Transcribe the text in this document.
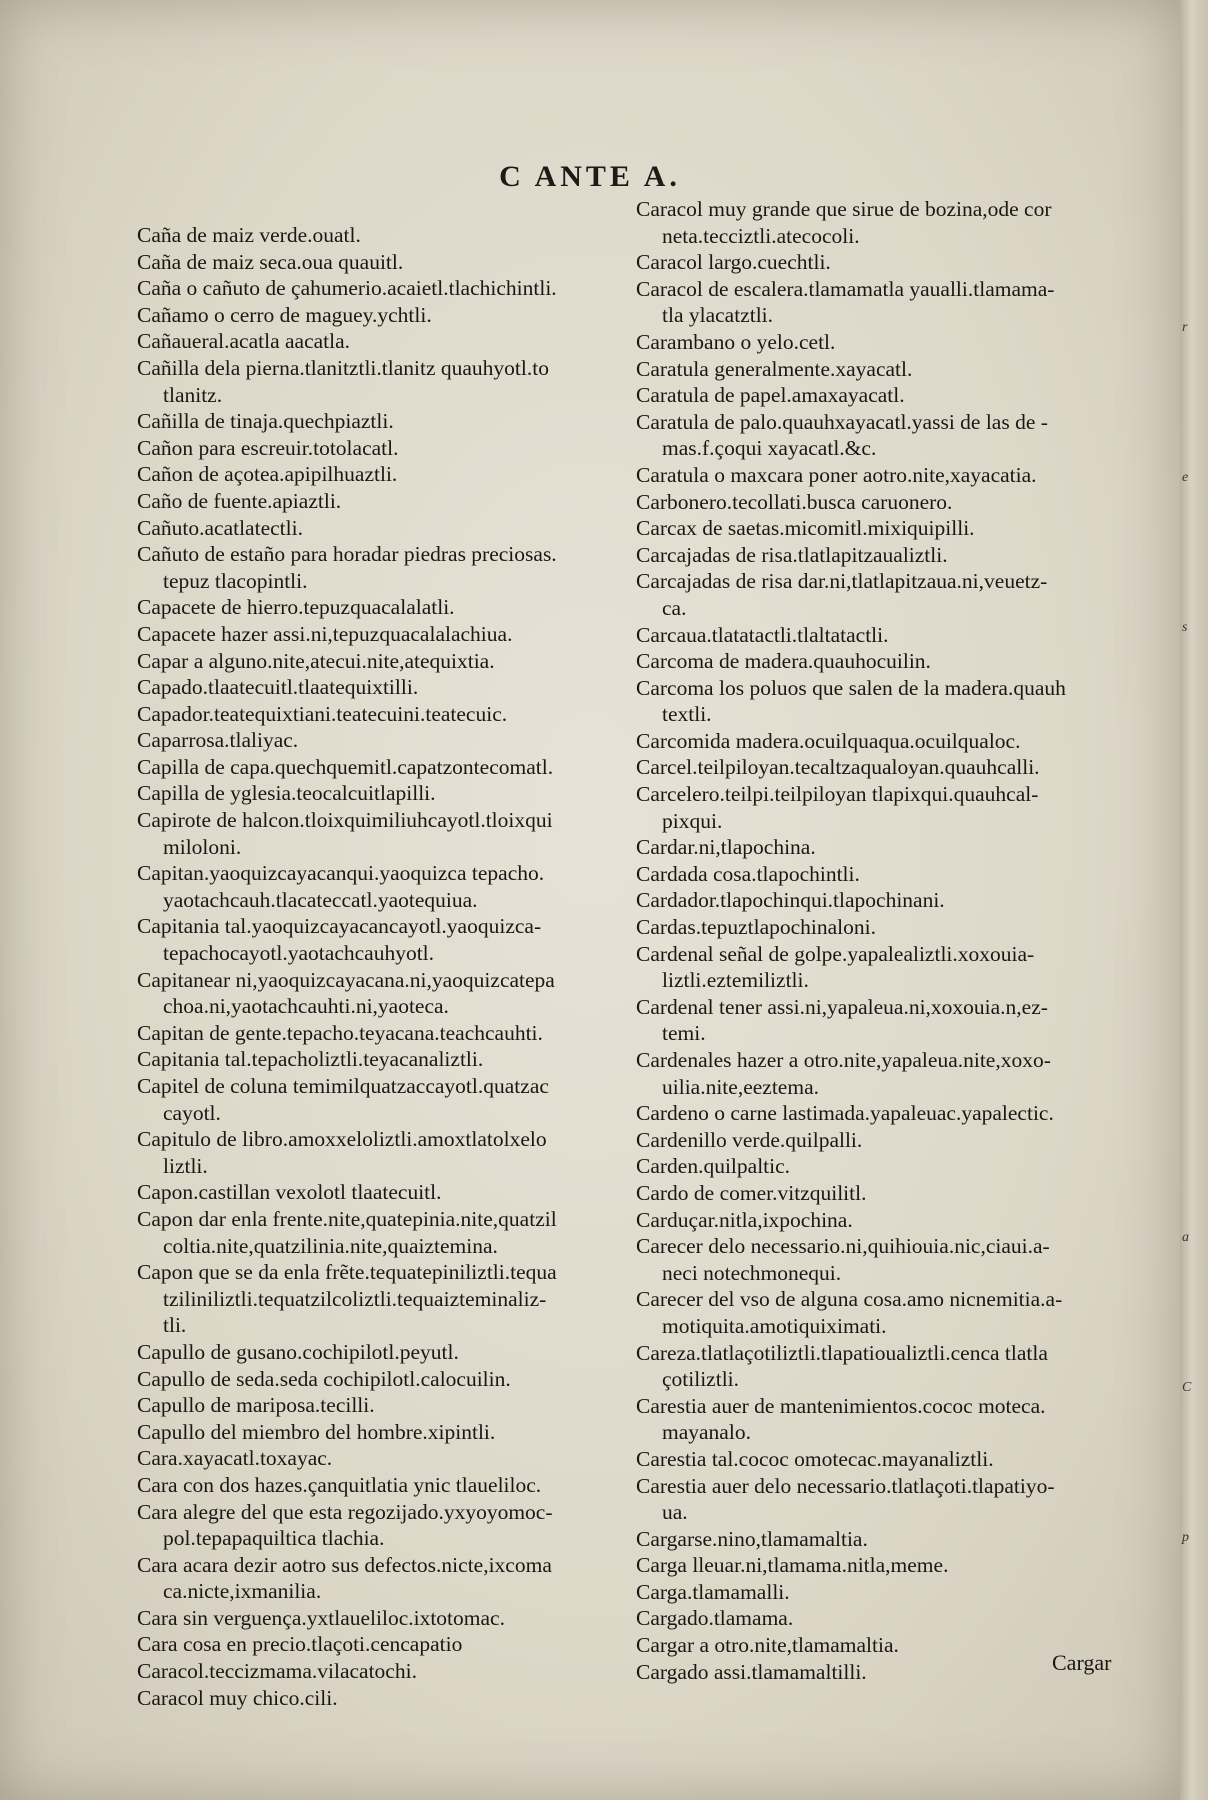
C ANTE A.
Caña de maiz verde.ouatl.
Caña de maiz seca.oua quauitl.
Caña o cañuto de çahumerio.acaietl.tlachichintli.
Cañamo o cerro de maguey.ychtli.
Cañaueral.acatla aacatla.
Cañilla dela pierna.tlanitztli.tlanitz quauhyotl.to
tlanitz.
Cañilla de tinaja.quechpiaztli.
Cañon para escreuir.totolacatl.
Cañon de açotea.apipilhuaztli.
Caño de fuente.apiaztli.
Cañuto.acatlatectli.
Cañuto de estaño para horadar piedras preciosas.
tepuz tlacopintli.
Capacete de hierro.tepuzquacalalatli.
Capacete hazer assi.ni,tepuzquacalalachiua.
Capar a alguno.nite,atecui.nite,atequixtia.
Capado.tlaatecuitl.tlaatequixtilli.
Capador.teatequixtiani.teatecuini.teatecuic.
Caparrosa.tlaliyac.
Capilla de capa.quechquemitl.capatzontecomatl.
Capilla de yglesia.teocalcuitlapilli.
Capirote de halcon.tloixquimiliuhcayotl.tloixqui
miloloni.
Capitan.yaoquizcayacanqui.yaoquizca tepacho.
yaotachcauh.tlacateccatl.yaotequiua.
Capitania tal.yaoquizcayacancayotl.yaoquizca-
tepachocayotl.yaotachcauhyotl.
Capitanear ni,yaoquizcayacana.ni,yaoquizcatepa
choa.ni,yaotachcauhti.ni,yaoteca.
Capitan de gente.tepacho.teyacana.teachcauhti.
Capitania tal.tepacholiztli.teyacanaliztli.
Capitel de coluna temimilquatzaccayotl.quatzac
cayotl.
Capitulo de libro.amoxxeloliztli.amoxtlatolxelo
liztli.
Capon.castillan vexolotl tlaatecuitl.
Capon dar enla frente.nite,quatepinia.nite,quatzil
coltia.nite,quatzilinia.nite,quaiztemina.
Capon que se da enla frẽte.tequatepiniliztli.tequa
tziliniliztli.tequatzilcoliztli.tequaizteminaliz-
tli.
Capullo de gusano.cochipilotl.peyutl.
Capullo de seda.seda cochipilotl.calocuilin.
Capullo de mariposa.tecilli.
Capullo del miembro del hombre.xipintli.
Cara.xayacatl.toxayac.
Cara con dos hazes.çanquitlatia ynic tlaueliloc.
Cara alegre del que esta regozijado.yxyoyomoc-
pol.tepapaquiltica tlachia.
Cara acara dezir aotro sus defectos.nicte,ixcoma
ca.nicte,ixmanilia.
Cara sin verguença.yxtlaueliloc.ixtotomac.
Cara cosa en precio.tlaçoti.cencapatio
Caracol.teccizmama.vilacatochi.
Caracol muy chico.cili.
Caracol muy grande que sirue de bozina,ode cor
neta.tecciztli.atecocoli.
Caracol largo.cuechtli.
Caracol de escalera.tlamamatla yaualli.tlamama-
tla ylacatztli.
Carambano o yelo.cetl.
Caratula generalmente.xayacatl.
Caratula de papel.amaxayacatl.
Caratula de palo.quauhxayacatl.yassi de las de -
mas.f.çoqui xayacatl.&c.
Caratula o maxcara poner aotro.nite,xayacatia.
Carbonero.tecollati.busca caruonero.
Carcax de saetas.micomitl.mixiquipilli.
Carcajadas de risa.tlatlapitzaualiztli.
Carcajadas de risa dar.ni,tlatlapitzaua.ni,veuetz-
ca.
Carcaua.tlatatactli.tlaltatactli.
Carcoma de madera.quauhocuilin.
Carcoma los poluos que salen de la madera.quauh
textli.
Carcomida madera.ocuilquaqua.ocuilqualoc.
Carcel.teilpiloyan.tecaltzaqualoyan.quauhcalli.
Carcelero.teilpi.teilpiloyan tlapixqui.quauhcal-
pixqui.
Cardar.ni,tlapochina.
Cardada cosa.tlapochintli.
Cardador.tlapochinqui.tlapochinani.
Cardas.tepuztlapochinaloni.
Cardenal señal de golpe.yapalealiztli.xoxouia-
liztli.eztemiliztli.
Cardenal tener assi.ni,yapaleua.ni,xoxouia.n,ez-
temi.
Cardenales hazer a otro.nite,yapaleua.nite,xoxo-
uilia.nite,eeztema.
Cardeno o carne lastimada.yapaleuac.yapalectic.
Cardenillo verde.quilpalli.
Carden.quilpaltic.
Cardo de comer.vitzquilitl.
Carduçar.nitla,ixpochina.
Carecer delo necessario.ni,quihiouia.nic,ciaui.a-
neci notechmonequi.
Carecer del vso de alguna cosa.amo nicnemitia.a-
motiquita.amotiquiximati.
Careza.tlatlaçotiliztli.tlapatioualiztli.cenca tlatla
çotiliztli.
Carestia auer de mantenimientos.cococ moteca.
mayanalo.
Carestia tal.cococ omotecac.mayanaliztli.
Carestia auer delo necessario.tlatlaçoti.tlapatiyo-
ua.
Cargarse.nino,tlamamaltia.
Carga lleuar.ni,tlamama.nitla,meme.
Carga.tlamamalli.
Cargado.tlamama.
Cargar a otro.nite,tlamamaltia.
Cargado assi.tlamamaltilli.	Cargar
r
e
s
a
C
p
